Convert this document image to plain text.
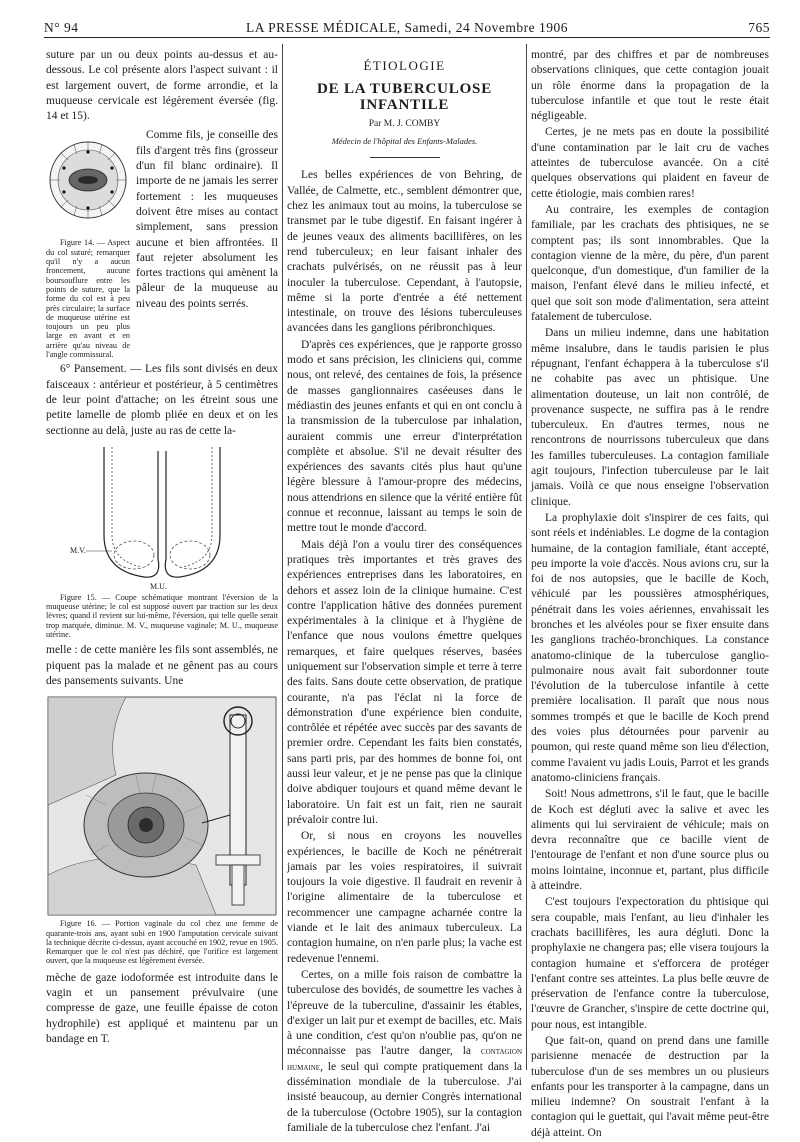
N° 94	LA PRESSE MÉDICALE, Samedi, 24 Novembre 1906	765

suture par un ou deux points au-dessus et au-dessous. Le col présente alors l'aspect suivant : il est largement ouvert, de forme arrondie, et la muqueuse cervicale est légèrement éversée (fig. 14 et 15).

Figure 14. — Aspect du col suturé; remarquer qu'il n'y a aucun froncement, aucune boursouflure entre les points de suture, que la forme du col est à peu près circulaire; la surface de muqueuse utérine est toujours un peu plus large en avant et en arrière qu'au niveau de l'angle commissural.

Comme fils, je conseille des fils d'argent très fins (grosseur d'un fil blanc ordinaire). Il importe de ne jamais les serrer fortement : les muqueuses doivent être mises au contact simplement, sans pression aucune et bien affrontées. Il faut rejeter absolument les fortes tractions qui amènent la pâleur de la muqueuse au niveau des points serrés.

6° Pansement. — Les fils sont divisés en deux faisceaux : antérieur et postérieur, à 5 centimètres de leur point d'attache; on les étreint sous une petite lamelle de plomb pliée en deux et on les sectionne au delà, juste au ras de cette la-

M.V.
M.U.

Figure 15. — Coupe schématique montrant l'éversion de la muqueuse utérine; le col est supposé ouvert par traction sur les deux lèvres; quand il revient sur lui-même, l'éversion, qui telle quelle serait trop marquée, diminue. M. V., muqueuse vaginale; M. U., muqueuse utérine.

melle : de cette manière les fils sont assemblés, ne piquent pas la malade et ne gênent pas au cours des pansements suivants. Une

Figure 16. — Portion vaginale du col chez une femme de quarante-trois ans, ayant subi en 1900 l'amputation cervicale suivant la technique décrite ci-dessus, ayant accouché en 1902, revue en 1905. Remarquer que le col n'est pas déchiré, que l'orifice est largement ouvert, que la muqueuse est légèrement éversée.

mèche de gaze iodoformée est introduite dans le vagin et un pansement prévulvaire (une compresse de gaze, une feuille épaisse de coton hydrophile) est appliqué et maintenu par un bandage en T.

ÉTIOLOGIE
DE LA TUBERCULOSE INFANTILE
Par M. J. COMBY
Médecin de l'hôpital des Enfants-Malades.

Les belles expériences de von Behring, de Vallée, de Calmette, etc., semblent démontrer que, chez les animaux tout au moins, la tuberculose se transmet par le tube digestif. En faisant ingérer à de jeunes veaux des aliments bacillifères, on les rend tuberculeux; en leur faisant inhaler des crachats pulvérisés, on ne réussit pas à leur inoculer la tuberculose. Cependant, à l'autopsie, même si la porte d'entrée a été nettement intestinale, on trouve des lésions tuberculeuses avancées dans les ganglions péribronchiques.

D'après ces expériences, que je rapporte grosso modo et sans précision, les cliniciens qui, comme nous, ont relevé, des centaines de fois, la présence de masses ganglionnaires caséeuses dans le médiastin des jeunes enfants et qui en ont conclu à la transmission de la tuberculose par inhalation, auraient commis une erreur d'interprétation complète et absolue. S'il ne devait résulter des expériences des savants cités plus haut qu'une légère blessure à l'amour-propre des médecins, nous attendrions en silence que la vérité entière fût connue et reconnue, laissant au temps le soin de mettre tout le monde d'accord.

Mais déjà l'on a voulu tirer des conséquences pratiques très importantes et très graves des expériences entreprises dans les laboratoires, en dehors et assez loin de la clinique humaine. C'est contre l'application hâtive des données purement expérimentales à la clinique et à l'hygiène de l'enfance que nous voulons émettre quelques remarques, et faire quelques réserves, basées uniquement sur l'observation simple et terre à terre des faits. Sans doute cette observation, de pratique courante, n'a pas l'éclat ni la force de démonstration d'une expérience bien conduite, contrôlée et répétée avec succès par des savants de premier ordre. Cependant les faits bien constatés, sans parti pris, par des hommes de bonne foi, ont aussi leur valeur, et je ne pense pas que la clinique doive abdiquer toujours et quand même devant le laboratoire. Un fait est un fait, rien ne saurait prévaloir contre lui.

Or, si nous en croyons les nouvelles expériences, le bacille de Koch ne pénétrerait jamais par les voies respiratoires, il suivrait toujours la voie digestive. Il faudrait en revenir à l'origine alimentaire de la tuberculose et recommencer une campagne acharnée contre la viande et le lait des animaux tuberculeux. La contagion humaine, on n'en parle plus; la vache est redevenue l'ennemi.

Certes, on a mille fois raison de combattre la tuberculose des bovidés, de soumettre les vaches à l'épreuve de la tuberculine, d'assainir les étables, d'exiger un lait pur et exempt de bacilles, etc. Mais à une condition, c'est qu'on n'oublie pas, qu'on ne méconnaisse pas l'autre danger, la contagion humaine, le seul qui compte pratiquement dans la dissémination mondiale de la tuberculose. J'ai insisté beaucoup, au dernier Congrès international de la tuberculose (Octobre 1905), sur la contagion familiale de la tuberculose chez l'enfant. J'ai

montré, par des chiffres et par de nombreuses observations cliniques, que cette contagion jouait un rôle énorme dans la propagation de la tuberculose infantile et que tout le reste était négligeable.

Certes, je ne mets pas en doute la possibilité d'une contamination par le lait cru de vaches atteintes de tuberculose avancée. On a cité quelques observations qui plaident en faveur de cette étiologie, mais combien rares!

Au contraire, les exemples de contagion familiale, par les crachats des phtisiques, ne se comptent pas; ils sont innombrables. Que la contagion vienne de la mère, du père, d'un parent quelconque, d'un domestique, d'un familier de la maison, l'enfant élevé dans le milieu infecté, et quel que soit son mode d'alimentation, sera atteint fatalement de tuberculose.

Dans un milieu indemne, dans une habitation même insalubre, dans le taudis parisien le plus répugnant, l'enfant échappera à la tuberculose s'il ne cohabite pas avec un phtisique. Une alimentation douteuse, un lait non contrôlé, de provenance suspecte, ne suffira pas à le rendre tuberculeux. En d'autres termes, nous ne rencontrons de nourrissons tuberculeux que dans les familles tuberculeuses. La contagion familiale agit toujours, l'infection tuberculeuse par le lait jamais. Voilà ce que nous enseigne l'observation clinique.

La prophylaxie doit s'inspirer de ces faits, qui sont réels et indéniables. Le dogme de la contagion humaine, de la contagion familiale, étant accepté, peu importe la voie d'accès. Nous avions cru, sur la foi de nos autopsies, que le bacille de Koch, véhiculé par les poussières atmosphériques, pénétrait dans les voies aériennes, envahissait les bronches et les alvéoles pour se fixer ensuite dans les ganglions trachéo-bronchiques. La constance anatomo-clinique de la tuberculose ganglio-pulmonaire nous avait fait subordonner toute l'évolution de la tuberculose infantile à cette première localisation. Il paraît que nous nous sommes trompés et que le bacille de Koch prend des voies plus détournées pour parvenir au poumon, qui reste quand même son lieu d'élection, comme l'avaient vu jadis Louis, Parrot et les grands anatomo-cliniciens français.

Soit! Nous admettrons, s'il le faut, que le bacille de Koch est dégluti avec la salive et avec les aliments qui lui serviraient de véhicule; mais on devra reconnaître que ce bacille vient de l'entourage de l'enfant et non d'une source plus ou moins lointaine, inconnue et, partant, plus difficile à atteindre.

C'est toujours l'expectoration du phtisique qui sera coupable, mais l'enfant, au lieu d'inhaler les crachats bacillifères, les aura dégluti. Donc la prophylaxie ne changera pas; elle visera toujours la contagion humaine et s'efforcera de protéger l'enfant contre ses atteintes. La plus belle œuvre de préservation de l'enfance contre la tuberculose, l'œuvre de Grancher, s'inspire de cette doctrine qui, pour nous, est intangible.

Que fait-on, quand on prend dans une famille parisienne menacée de destruction par la tuberculose d'un de ses membres un ou plusieurs enfants pour les transporter à la campagne, dans un milieu indemne? On soustrait l'enfant à la contagion qui le guettait, qui l'avait même peut-être déjà atteint. On
